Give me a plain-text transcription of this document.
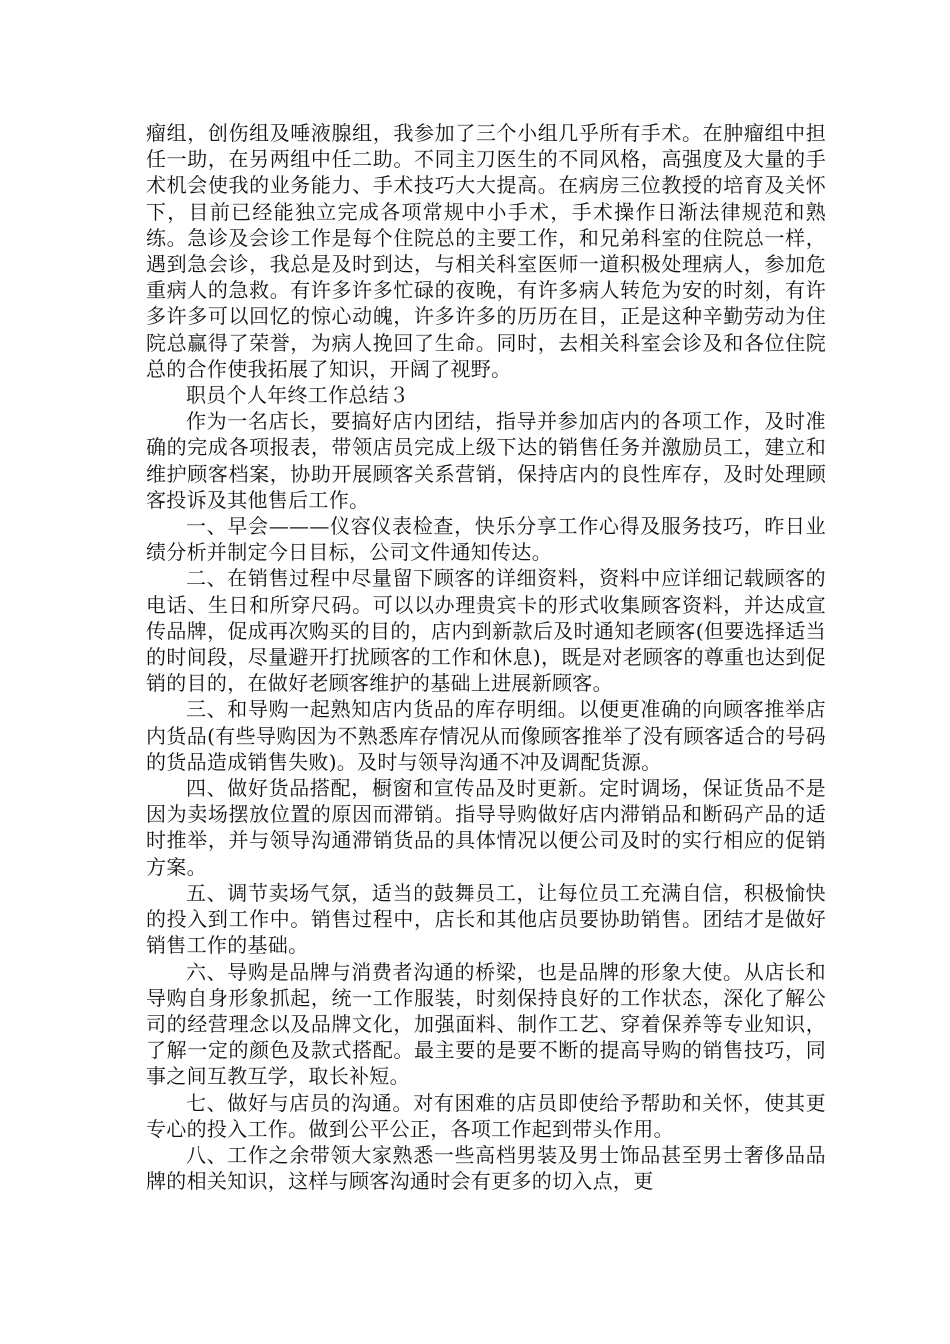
瘤组，创伤组及唾液腺组，我参加了三个小组几乎所有手术。在肿瘤组中担任一助，在另两组中任二助。不同主刀医生的不同风格，高强度及大量的手术机会使我的业务能力、手术技巧大大提高。在病房三位教授的培育及关怀下，目前已经能独立完成各项常规中小手术，手术操作日渐法律规范和熟练。急诊及会诊工作是每个住院总的主要工作，和兄弟科室的住院总一样，遇到急会诊，我总是及时到达，与相关科室医师一道积极处理病人，参加危重病人的急救。有许多许多忙碌的夜晚，有许多病人转危为安的时刻，有许多许多可以回忆的惊心动魄，许多许多的历历在目，正是这种辛勤劳动为住院总赢得了荣誉，为病人挽回了生命。同时，去相关科室会诊及和各位住院总的合作使我拓展了知识，开阔了视野。

职员个人年终工作总结３

作为一名店长，要搞好店内团结，指导并参加店内的各项工作，及时准确的完成各项报表，带领店员完成上级下达的销售任务并激励员工，建立和维护顾客档案，协助开展顾客关系营销，保持店内的良性库存，及时处理顾客投诉及其他售后工作。

一、早会———仪容仪表检查，快乐分享工作心得及服务技巧，昨日业绩分析并制定今日目标，公司文件通知传达。

二、在销售过程中尽量留下顾客的详细资料，资料中应详细记载顾客的电话、生日和所穿尺码。可以以办理贵宾卡的形式收集顾客资料，并达成宣传品牌，促成再次购买的目的，店内到新款后及时通知老顾客(但要选择适当的时间段，尽量避开打扰顾客的工作和休息)，既是对老顾客的尊重也达到促销的目的，在做好老顾客维护的基础上进展新顾客。

三、和导购一起熟知店内货品的库存明细。以便更准确的向顾客推举店内货品(有些导购因为不熟悉库存情况从而像顾客推举了没有顾客适合的号码的货品造成销售失败)。及时与领导沟通不冲及调配货源。

四、做好货品搭配，橱窗和宣传品及时更新。定时调场，保证货品不是因为卖场摆放位置的原因而滞销。指导导购做好店内滞销品和断码产品的适时推举，并与领导沟通滞销货品的具体情况以便公司及时的实行相应的促销方案。

五、调节卖场气氛，适当的鼓舞员工，让每位员工充满自信，积极愉快的投入到工作中。销售过程中，店长和其他店员要协助销售。团结才是做好销售工作的基础。

六、导购是品牌与消费者沟通的桥梁，也是品牌的形象大使。从店长和导购自身形象抓起，统一工作服装，时刻保持良好的工作状态，深化了解公司的经营理念以及品牌文化，加强面料、制作工艺、穿着保养等专业知识，了解一定的颜色及款式搭配。最主要的是要不断的提高导购的销售技巧，同事之间互教互学，取长补短。

七、做好与店员的沟通。对有困难的店员即使给予帮助和关怀，使其更专心的投入工作。做到公平公正，各项工作起到带头作用。

八、工作之余带领大家熟悉一些高档男装及男士饰品甚至男士奢侈品品牌的相关知识，这样与顾客沟通时会有更多的切入点，更
